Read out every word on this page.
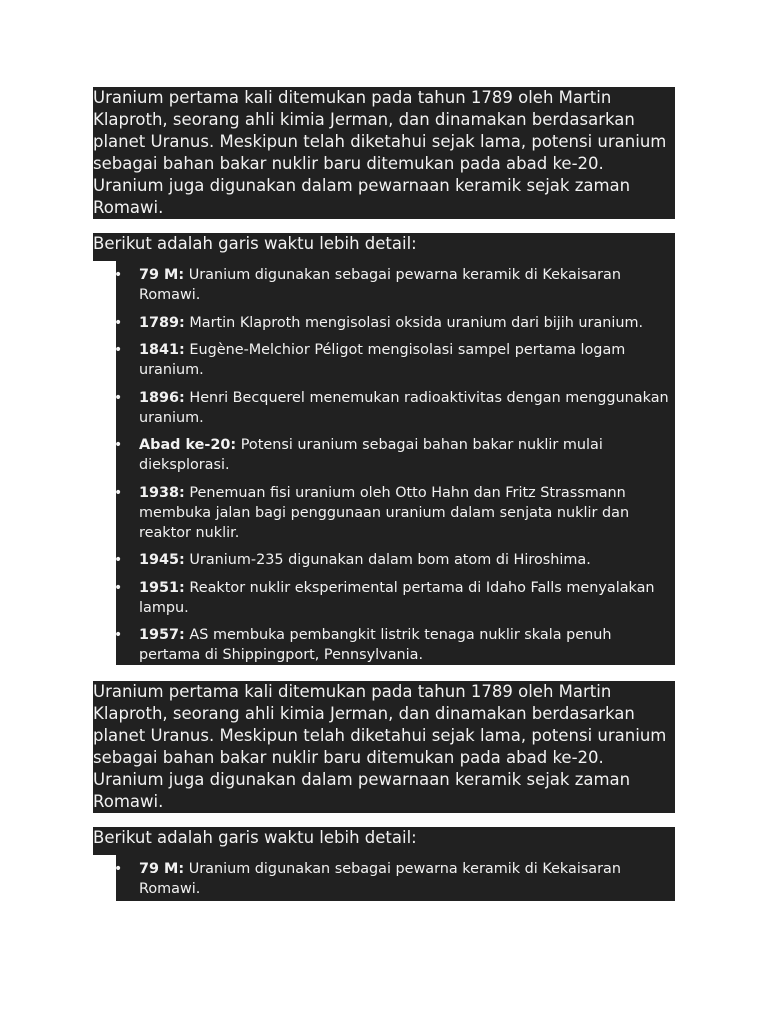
Uranium pertama kali ditemukan pada tahun 1789 oleh Martin Klaproth, seorang ahli kimia Jerman, dan dinamakan berdasarkan planet Uranus. Meskipun telah diketahui sejak lama, potensi uranium sebagai bahan bakar nuklir baru ditemukan pada abad ke-20. Uranium juga digunakan dalam pewarnaan keramik sejak zaman Romawi.

Berikut adalah garis waktu lebih detail:

• 79 M: Uranium digunakan sebagai pewarna keramik di Kekaisaran Romawi.
• 1789: Martin Klaproth mengisolasi oksida uranium dari bijih uranium.
• 1841: Eugène-Melchior Péligot mengisolasi sampel pertama logam uranium.
• 1896: Henri Becquerel menemukan radioaktivitas dengan menggunakan uranium.
• Abad ke-20: Potensi uranium sebagai bahan bakar nuklir mulai dieksplorasi.
• 1938: Penemuan fisi uranium oleh Otto Hahn dan Fritz Strassmann membuka jalan bagi penggunaan uranium dalam senjata nuklir dan reaktor nuklir.
• 1945: Uranium-235 digunakan dalam bom atom di Hiroshima.
• 1951: Reaktor nuklir eksperimental pertama di Idaho Falls menyalakan lampu.
• 1957: AS membuka pembangkit listrik tenaga nuklir skala penuh pertama di Shippingport, Pennsylvania.

Uranium pertama kali ditemukan pada tahun 1789 oleh Martin Klaproth, seorang ahli kimia Jerman, dan dinamakan berdasarkan planet Uranus. Meskipun telah diketahui sejak lama, potensi uranium sebagai bahan bakar nuklir baru ditemukan pada abad ke-20. Uranium juga digunakan dalam pewarnaan keramik sejak zaman Romawi.

Berikut adalah garis waktu lebih detail:

• 79 M: Uranium digunakan sebagai pewarna keramik di Kekaisaran Romawi.
